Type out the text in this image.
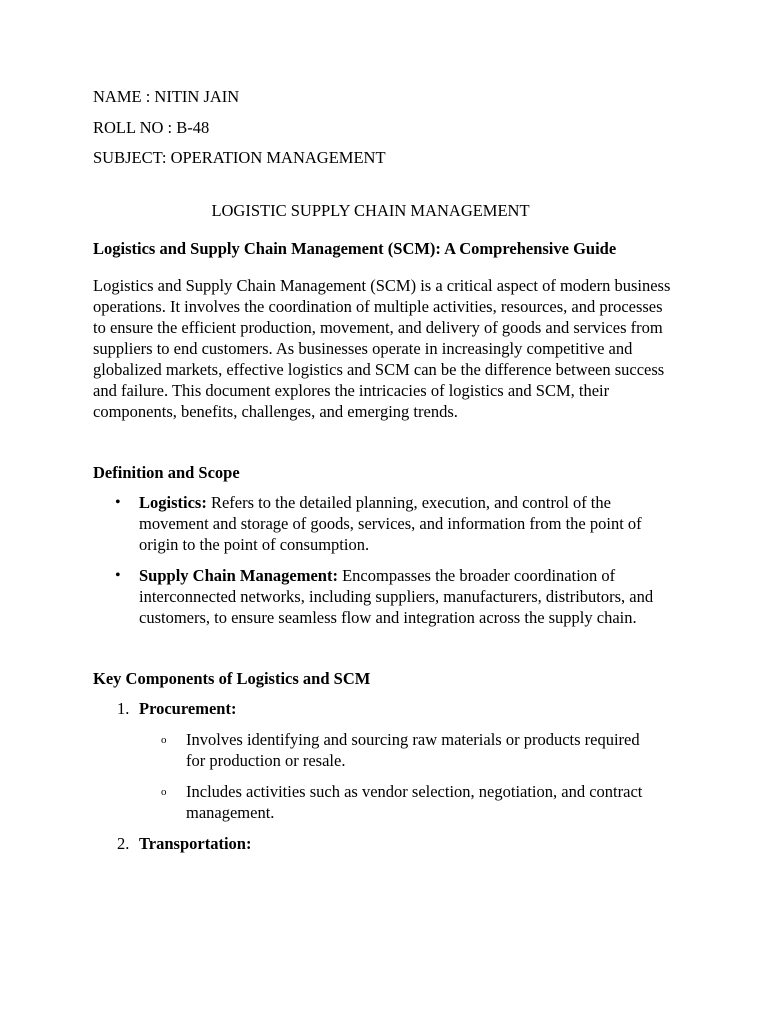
NAME : NITIN JAIN

ROLL NO : B-48

SUBJECT: OPERATION MANAGEMENT

LOGISTIC SUPPLY CHAIN MANAGEMENT

Logistics and Supply Chain Management (SCM): A Comprehensive Guide

Logistics and Supply Chain Management (SCM) is a critical aspect of modern business operations. It involves the coordination of multiple activities, resources, and processes to ensure the efficient production, movement, and delivery of goods and services from suppliers to end customers. As businesses operate in increasingly competitive and globalized markets, effective logistics and SCM can be the difference between success and failure. This document explores the intricacies of logistics and SCM, their components, benefits, challenges, and emerging trends.

Definition and Scope

• Logistics: Refers to the detailed planning, execution, and control of the movement and storage of goods, services, and information from the point of origin to the point of consumption.
• Supply Chain Management: Encompasses the broader coordination of interconnected networks, including suppliers, manufacturers, distributors, and customers, to ensure seamless flow and integration across the supply chain.

Key Components of Logistics and SCM

1. Procurement:
o Involves identifying and sourcing raw materials or products required for production or resale.
o Includes activities such as vendor selection, negotiation, and contract management.
2. Transportation:
